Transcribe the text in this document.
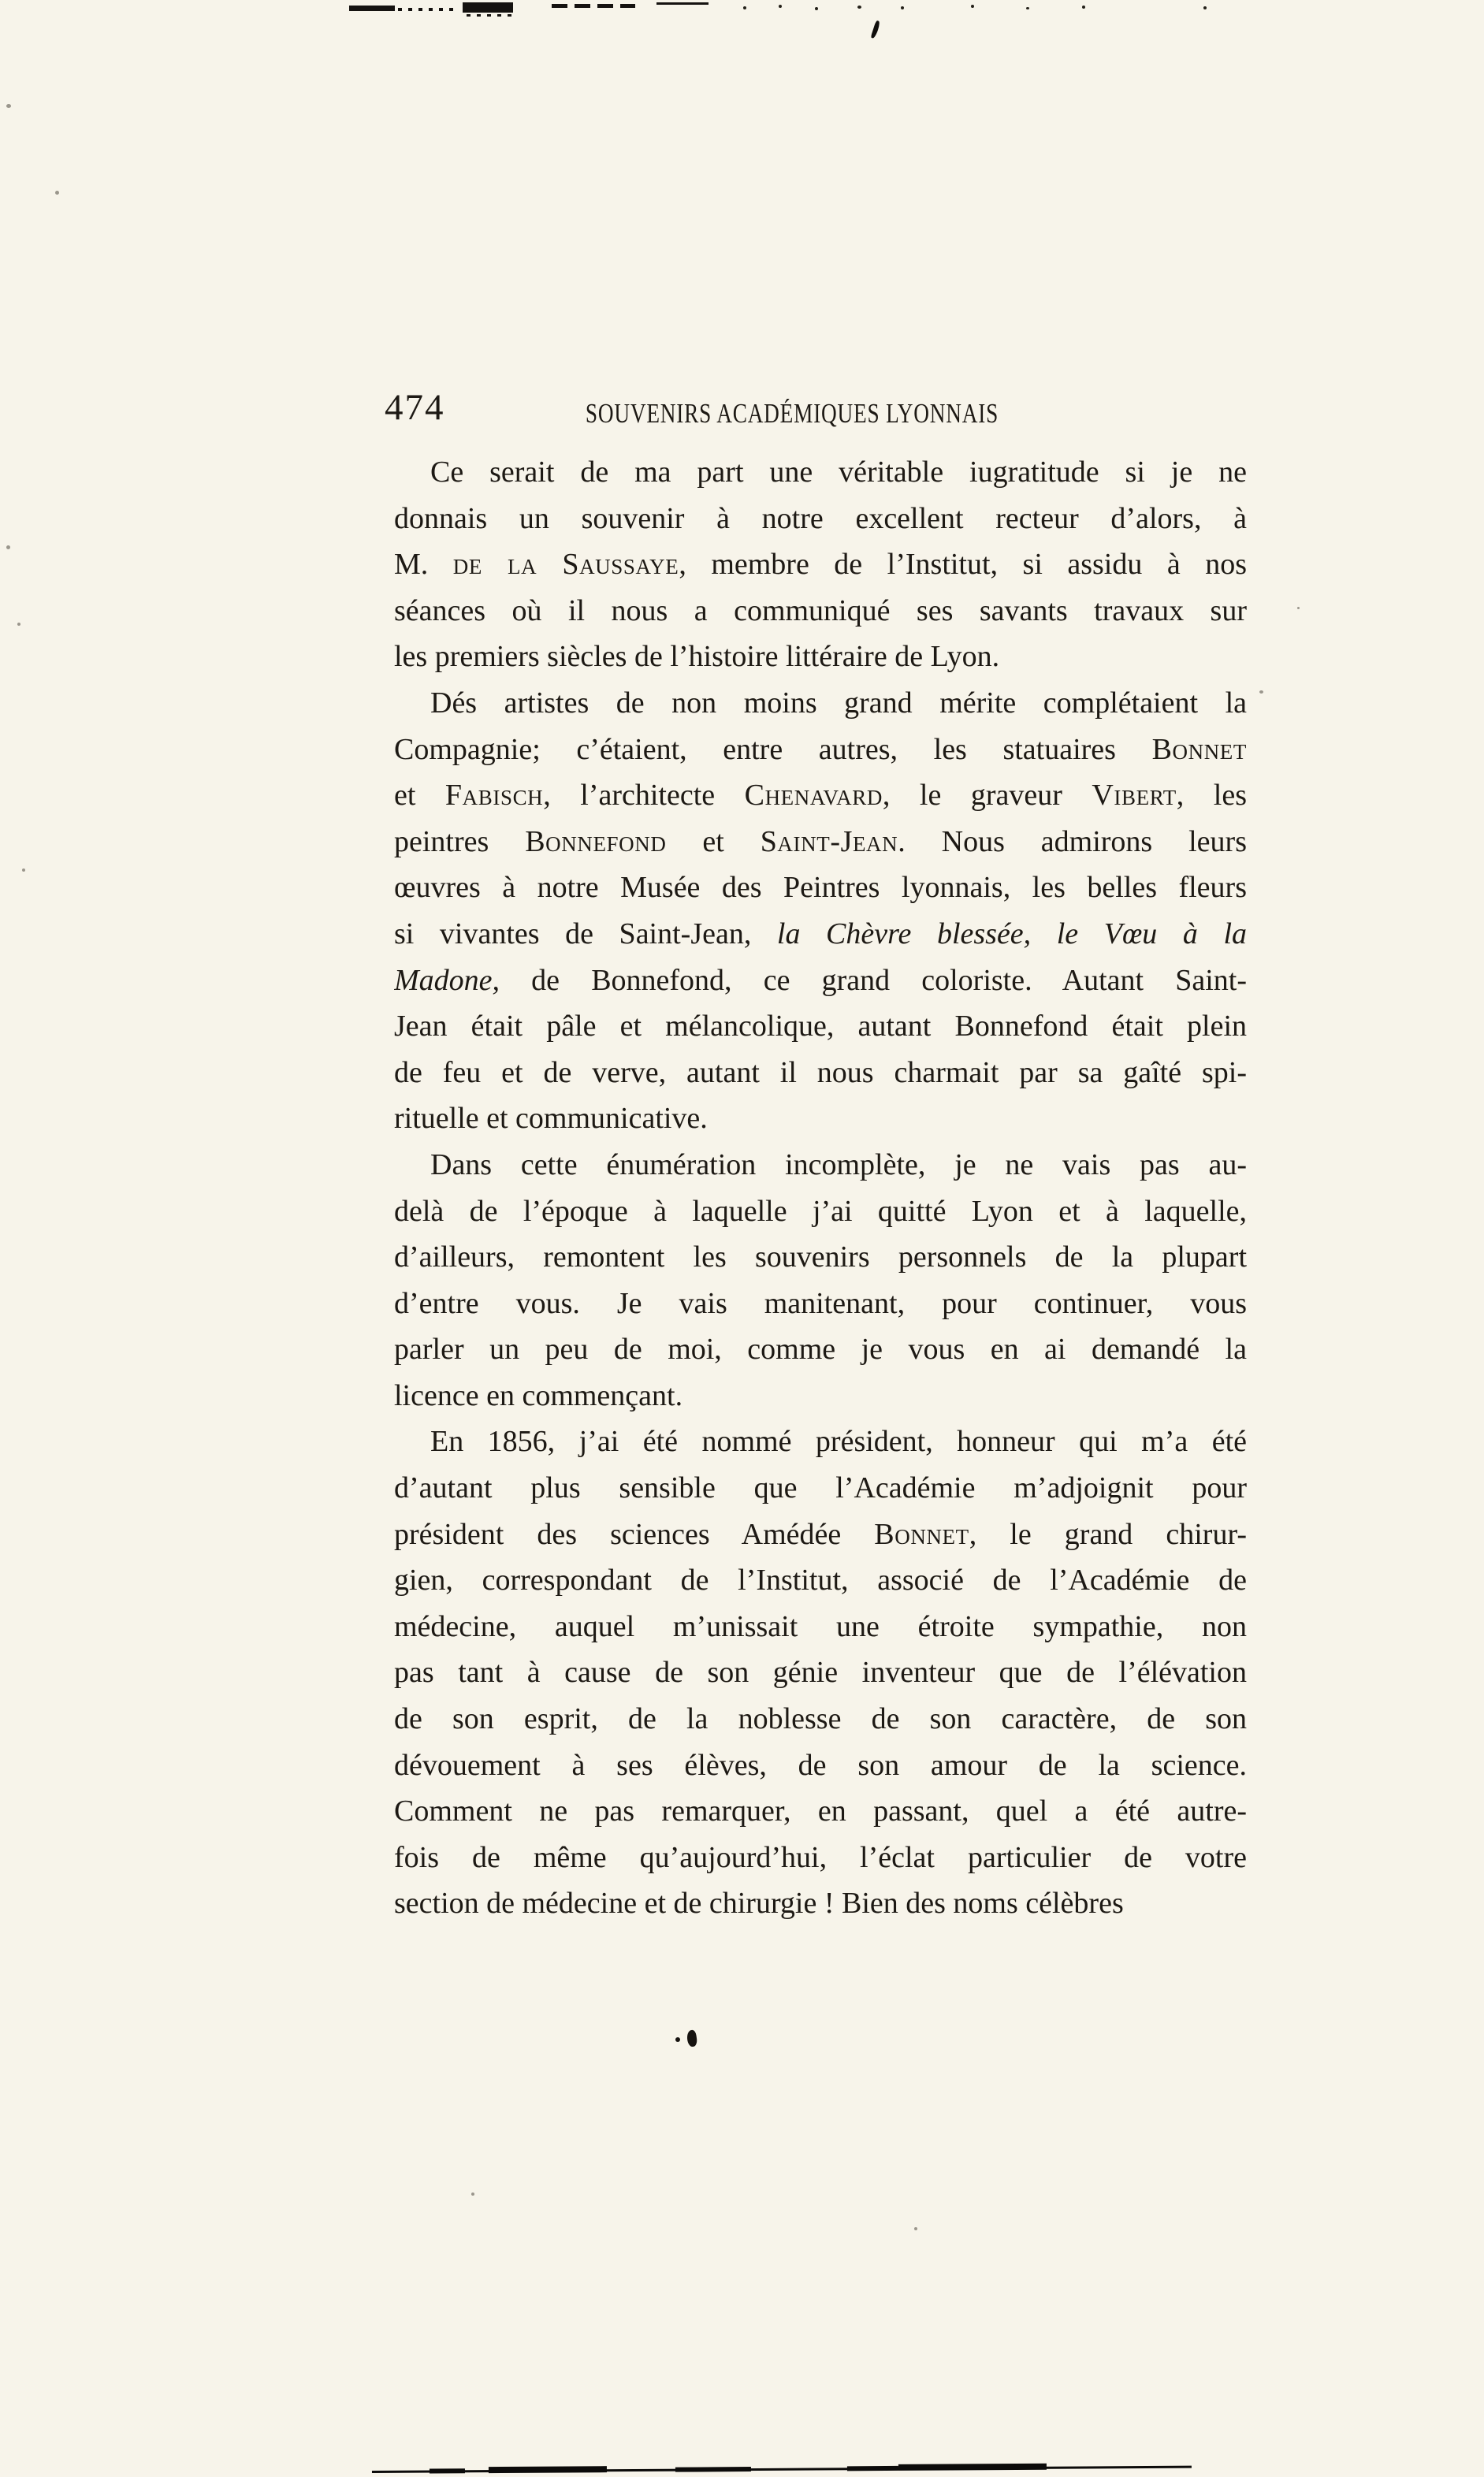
474	SOUVENIRS ACADÉMIQUES LYONNAIS
Ce serait de ma part une véritable iugratitude si je ne
donnais un souvenir à notre excellent recteur d’alors, à
M. de la Saussaye, membre de l’Institut, si assidu à nos
séances où il nous a communiqué ses savants travaux sur
les premiers siècles de l’histoire littéraire de Lyon.
Dés artistes de non moins grand mérite complétaient la
Compagnie; c’étaient, entre autres, les statuaires Bonnet
et Fabisch, l’architecte Chenavard, le graveur Vibert, les
peintres Bonnefond et Saint-Jean. Nous admirons leurs
œuvres à notre Musée des Peintres lyonnais, les belles fleurs
si vivantes de Saint-Jean, la Chèvre blessée, le Vœu à la
Madone, de Bonnefond, ce grand coloriste. Autant Saint-
Jean était pâle et mélancolique, autant Bonnefond était plein
de feu et de verve, autant il nous charmait par sa gaîté spi-
rituelle et communicative.
Dans cette énumération incomplète, je ne vais pas au-
delà de l’époque à laquelle j’ai quitté Lyon et à laquelle,
d’ailleurs, remontent les souvenirs personnels de la plupart
d’entre vous. Je vais manitenant, pour continuer, vous
parler un peu de moi, comme je vous en ai demandé la
licence en commençant.
En 1856, j’ai été nommé président, honneur qui m’a été
d’autant plus sensible que l’Académie m’adjoignit pour
président des sciences Amédée Bonnet, le grand chirur-
gien, correspondant de l’Institut, associé de l’Académie de
médecine, auquel m’unissait une étroite sympathie, non
pas tant à cause de son génie inventeur que de l’élévation
de son esprit, de la noblesse de son caractère, de son
dévouement à ses élèves, de son amour de la science.
Comment ne pas remarquer, en passant, quel a été autre-
fois de même qu’aujourd’hui, l’éclat particulier de votre
section de médecine et de chirurgie ! Bien des noms célèbres
